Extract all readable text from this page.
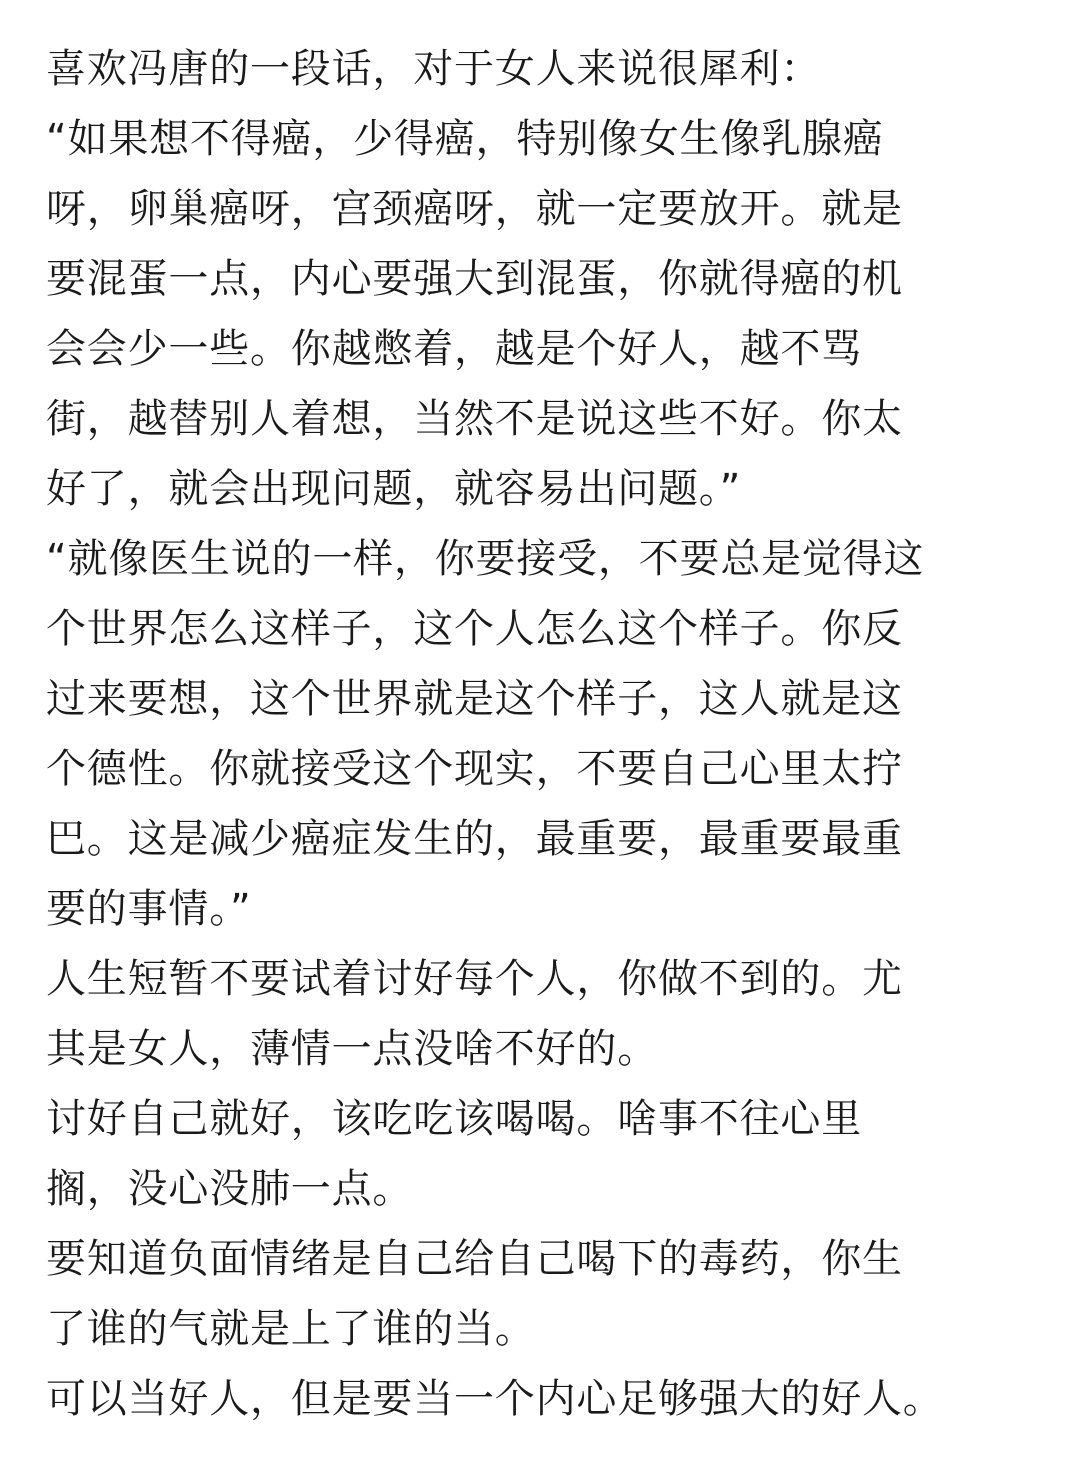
喜欢冯唐的一段话，对于女人来说很犀利：
“如果想不得癌，少得癌，特别像女生像乳腺癌
呀，卵巢癌呀，宫颈癌呀，就一定要放开。就是
要混蛋一点，内心要强大到混蛋，你就得癌的机
会会少一些。你越憋着，越是个好人，越不骂
街，越替别人着想，当然不是说这些不好。你太
好了，就会出现问题，就容易出问题。”
“就像医生说的一样，你要接受，不要总是觉得这
个世界怎么这样子，这个人怎么这个样子。你反
过来要想，这个世界就是这个样子，这人就是这
个德性。你就接受这个现实，不要自己心里太拧
巴。这是减少癌症发生的，最重要，最重要最重
要的事情。”
人生短暂不要试着讨好每个人，你做不到的。尤
其是女人，薄情一点没啥不好的。
讨好自己就好，该吃吃该喝喝。啥事不往心里
搁，没心没肺一点。
要知道负面情绪是自己给自己喝下的毒药，你生
了谁的气就是上了谁的当。
可以当好人，但是要当一个内心足够强大的好人。
